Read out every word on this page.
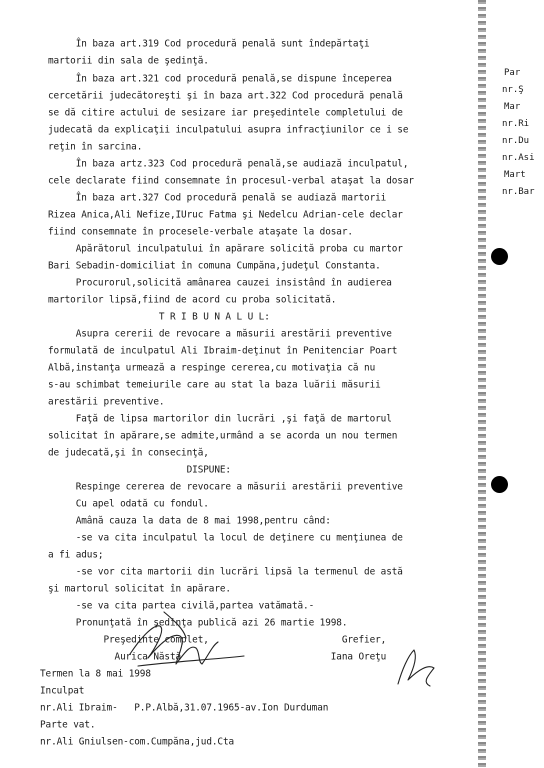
În baza art.319 Cod procedură penală sunt îndepărtaţi
martorii din sala de şedinţă.
În baza art.321 cod procedură penală,se dispune începerea
cercetării judecătoreşti şi în baza art.322 Cod procedură penală
se dă citire actului de sesizare iar preşedintele completului de
judecată da explicaţii inculpatului asupra infracţiunilor ce i se
reţin în sarcina.
În baza artz.323 Cod procedură penală,se audiază inculpatul,
cele declarate fiind consemnate în procesul-verbal ataşat la dosar
În baza art.327 Cod procedură penală se audiază martorii
Rizea Anica,Ali Nefize,IUruc Fatma şi Nedelcu Adrian-cele declar
fiind consemnate în procesele-verbale ataşate la dosar.
Apărătorul inculpatului în apărare solicită proba cu martor
Bari Sebadin-domiciliat în comuna Cumpăna,judeţul Constanta.
Procurorul,solicită amânarea cauzei insistând în audierea
martorilor lipsă,fiind de acord cu proba solicitată.
T R I B U N A L U L:
Asupra cererii de revocare a măsurii arestării preventive
formulată de inculpatul Ali Ibraim-deţinut în Penitenciar Poart
Albă,instanţa urmează a respinge cererea,cu motivaţia că nu
s-au schimbat temeiurile care au stat la baza luării măsurii
arestării preventive.
Faţă de lipsa martorilor din lucrări ,şi faţă de martorul
solicitat în apărare,se admite,urmând a se acorda un nou termen
de judecată,şi în consecinţă,
DISPUNE:
Respinge cererea de revocare a măsurii arestării preventive
Cu apel odată cu fondul.
Amână cauza la data de 8 mai 1998,pentru când:
-se va cita inculpatul la locul de deţinere cu menţiunea de
a fi adus;
-se vor cita martorii din lucrări lipsă la termenul de astă
şi martorul solicitat în apărare.
-se va cita partea civilă,partea vatămată.-
Pronunţată în şedinţa publică azi 26 martie 1998.
Preşedinte complet,                        Grefier,
Aurica Năstă                           Iana Oreţu
Termen la 8 mai 1998
Inculpat
nr.Ali Ibraim-   P.P.Albă,31.07.1965-av.Ion Durduman
Parte vat.
nr.Ali Gniulsen-com.Cumpăna,jud.Cta
Par
nr.Ş
Mar
nr.Ri
nr.Du
nr.Asi
Mart
nr.Bar
